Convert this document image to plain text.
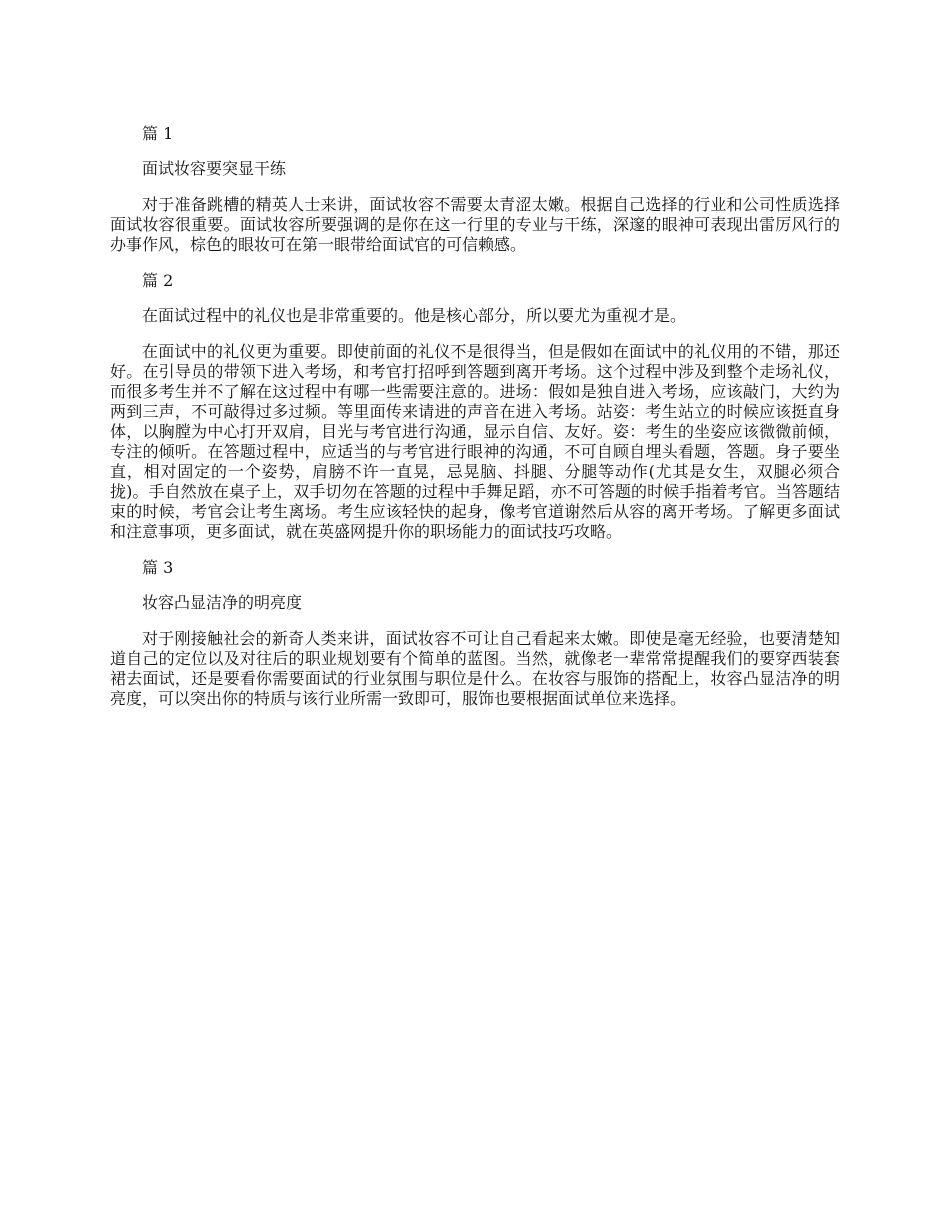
篇 1

面试妆容要突显干练

对于准备跳槽的精英人士来讲，面试妆容不需要太青涩太嫩。根据自己选择的行业和公司性质选择面试妆容很重要。面试妆容所要强调的是你在这一行里的专业与干练，深邃的眼神可表现出雷厉风行的办事作风，棕色的眼妆可在第一眼带给面试官的可信赖感。

篇 2

在面试过程中的礼仪也是非常重要的。他是核心部分，所以要尤为重视才是。

在面试中的礼仪更为重要。即使前面的礼仪不是很得当，但是假如在面试中的礼仪用的不错，那还好。在引导员的带领下进入考场，和考官打招呼到答题到离开考场。这个过程中涉及到整个走场礼仪，而很多考生并不了解在这过程中有哪一些需要注意的。进场：假如是独自进入考场，应该敲门，大约为两到三声，不可敲得过多过频。等里面传来请进的声音在进入考场。站姿：考生站立的时候应该挺直身体，以胸膛为中心打开双肩，目光与考官进行沟通，显示自信、友好。姿：考生的坐姿应该微微前倾，专注的倾听。在答题过程中，应适当的与考官进行眼神的沟通，不可自顾自埋头看题，答题。身子要坐直，相对固定的一个姿势，肩膀不许一直晃，忌晃脑、抖腿、分腿等动作(尤其是女生，双腿必须合拢)。手自然放在桌子上，双手切勿在答题的过程中手舞足蹈，亦不可答题的时候手指着考官。当答题结束的时候，考官会让考生离场。考生应该轻快的起身，像考官道谢然后从容的离开考场。了解更多面试和注意事项，更多面试，就在英盛网提升你的职场能力的面试技巧攻略。

篇 3

妆容凸显洁净的明亮度

对于刚接触社会的新奇人类来讲，面试妆容不可让自己看起来太嫩。即使是毫无经验，也要清楚知道自己的定位以及对往后的职业规划要有个简单的蓝图。当然，就像老一辈常常提醒我们的要穿西装套裙去面试，还是要看你需要面试的行业氛围与职位是什么。在妆容与服饰的搭配上，妆容凸显洁净的明亮度，可以突出你的特质与该行业所需一致即可，服饰也要根据面试单位来选择。
